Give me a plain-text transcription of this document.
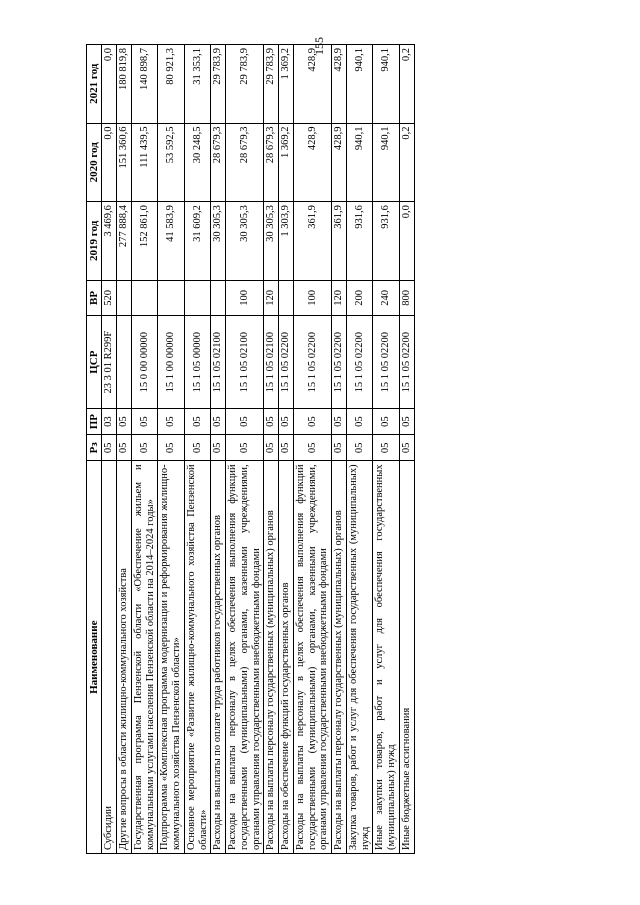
155
Наименование	Рз	ПР	ЦСР	ВР	2019 год	2020 год	2021 год
Субсидии	05	03	23 3 01 R299F	520	3 469,6	0,0	0,0
Другие вопросы в области жилищно-коммунального хозяйства	05	05			277 888,4	151 360,6	180 819,8
Государственная программа Пензенской области «Обеспечение жильем и коммунальными услугами населения Пензенской области на 2014–2024 годы»	05	05	15 0 00 00000		152 861,0	111 439,5	140 898,7
Подпрограмма «Комплексная программа модернизации и реформирования жилищно-коммунального хозяйства Пензенской области»	05	05	15 1 00 00000		41 583,9	53 592,5	80 921,3
Основное мероприятие «Развитие жилищно-коммунального хозяйства Пензенской области»	05	05	15 1 05 00000		31 609,2	30 248,5	31 353,1
Расходы на выплаты по оплате труда работников государственных органов	05	05	15 1 05 02100		30 305,3	28 679,3	29 783,9
Расходы на выплаты персоналу в целях обеспечения выполнения функций государственными (муниципальными) органами, казенными учреждениями, органами управления государственными внебюджетными фондами	05	05	15 1 05 02100	100	30 305,3	28 679,3	29 783,9
Расходы на выплаты персоналу государственных (муниципальных) органов	05	05	15 1 05 02100	120	30 305,3	28 679,3	29 783,9
Расходы на обеспечение функций государственных органов	05	05	15 1 05 02200		1 303,9	1 369,2	1 369,2
Расходы на выплаты персоналу в целях обеспечения выполнения функций государственными (муниципальными) органами, казенными учреждениями, органами управления государственными внебюджетными фондами	05	05	15 1 05 02200	100	361,9	428,9	428,9
Расходы на выплаты персоналу государственных (муниципальных) органов	05	05	15 1 05 02200	120	361,9	428,9	428,9
Закупка товаров, работ и услуг для обеспечения государственных (муниципальных) нужд	05	05	15 1 05 02200	200	931,6	940,1	940,1
Иные закупки товаров, работ и услуг для обеспечения государственных (муниципальных) нужд	05	05	15 1 05 02200	240	931,6	940,1	940,1
Иные бюджетные ассигнования	05	05	15 1 05 02200	800	0,0	0,2	0,2
